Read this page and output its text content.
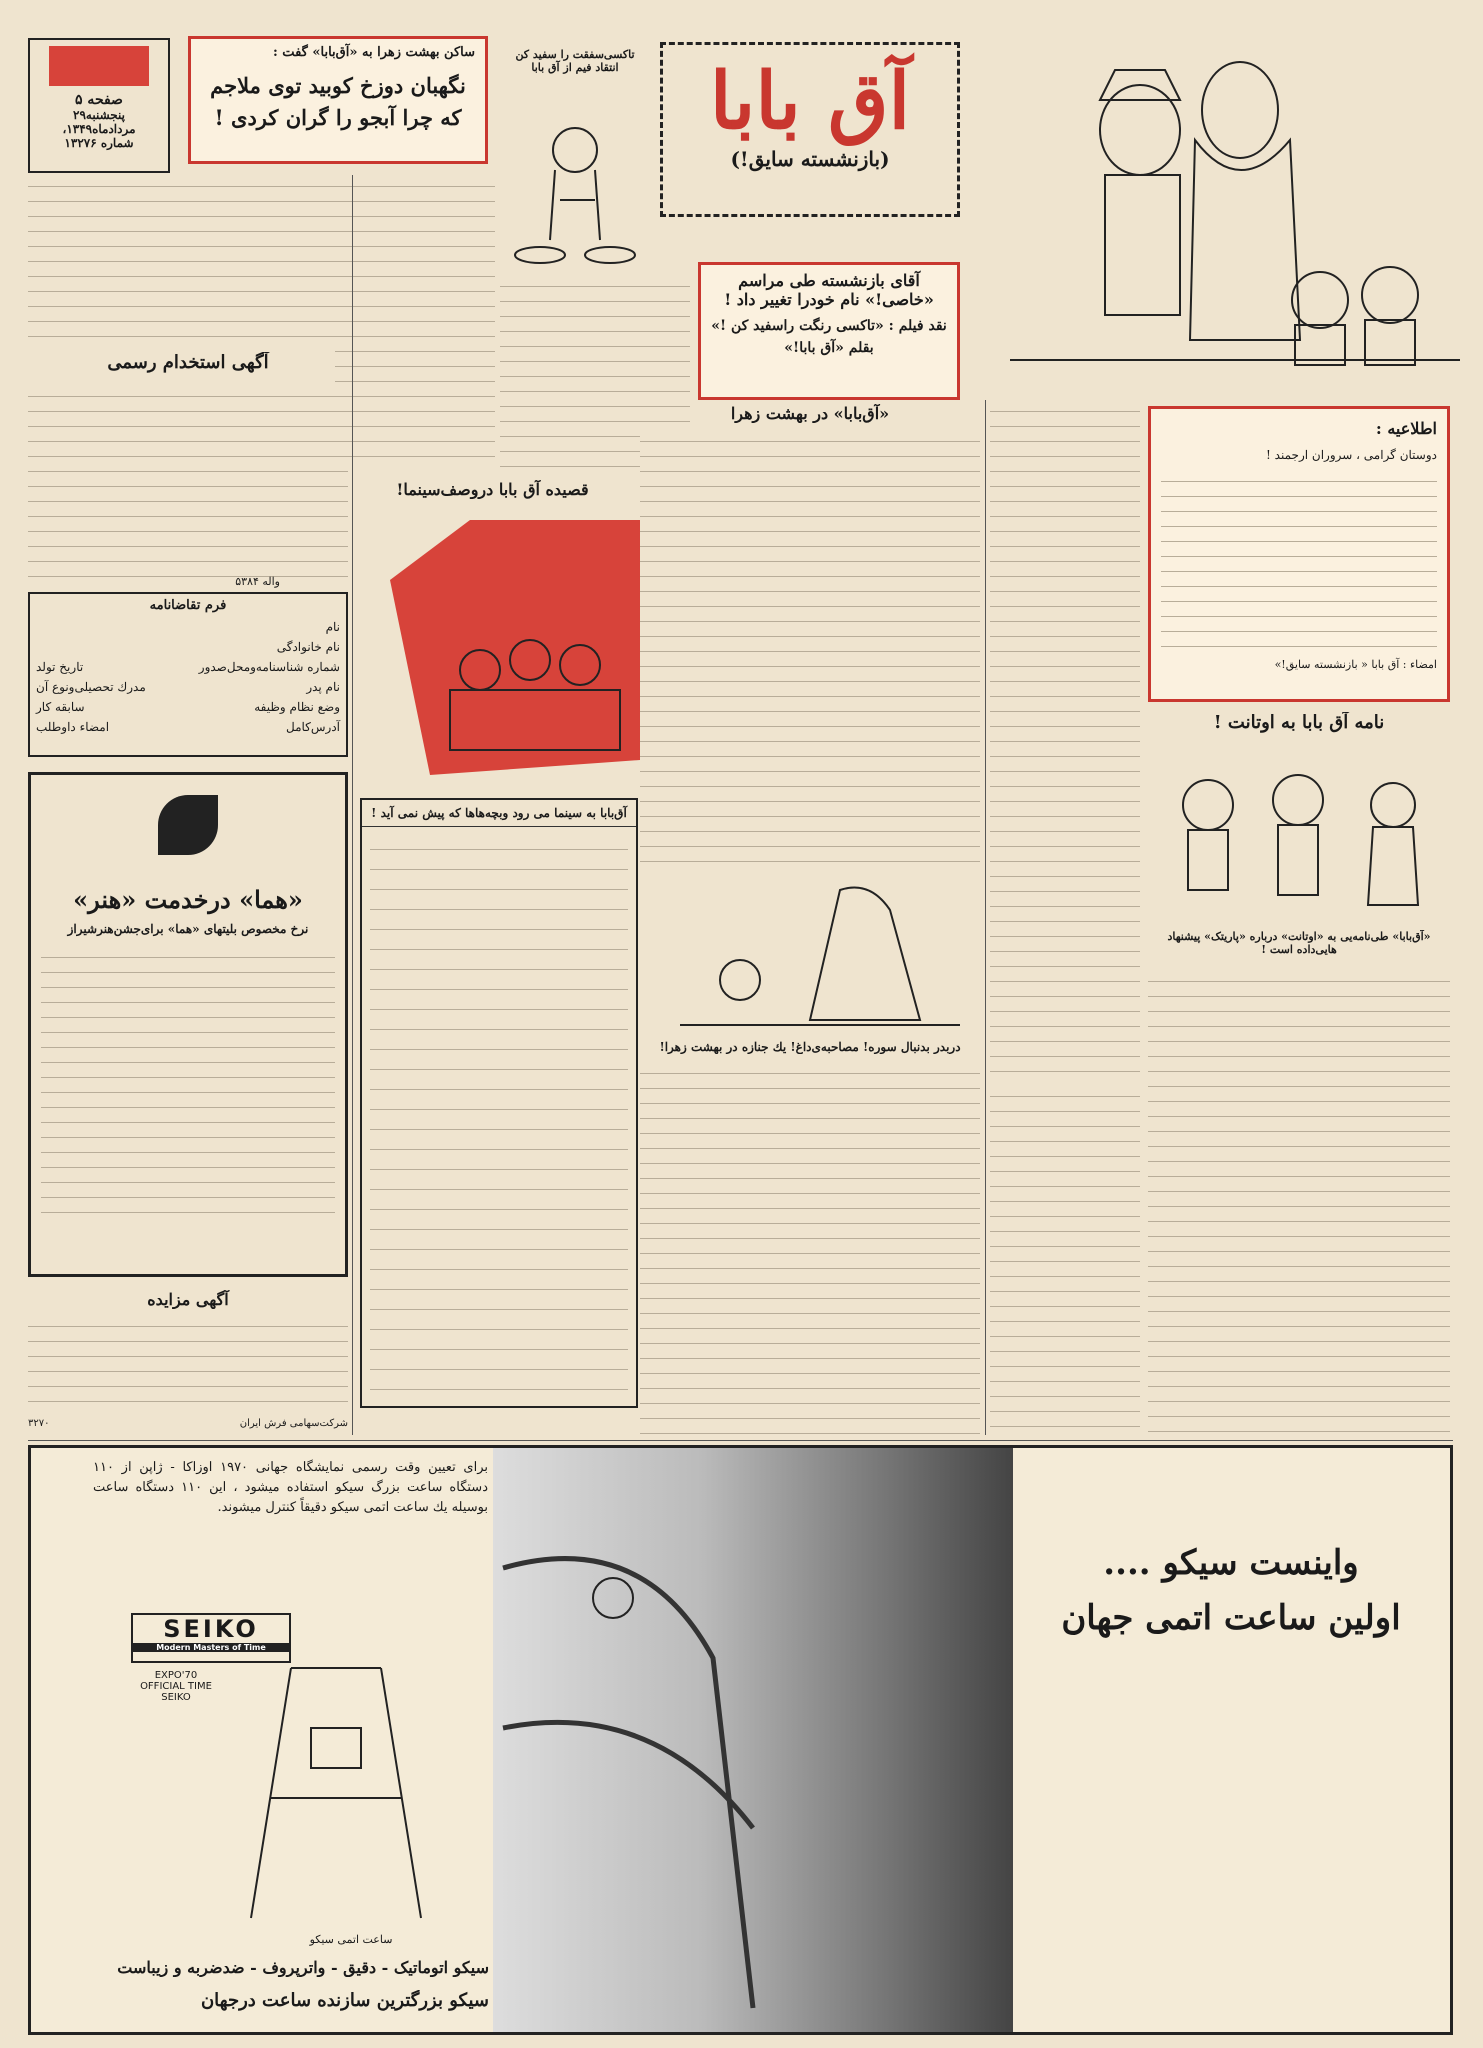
آق بابا
(بازنشسته سایق!)
صفحه ۵
پنجشنبه۲۹
مرداد‌ماه۱۳۴۹،
شماره ۱۳۲۷۶
ساکن بهشت زهرا به «آق‌بابا» گفت :
نگهبان دوزخ کوبید توی ملاجم که چرا آبجو را گران کردی !
تاکسی‌سفقت را سفید کن
انتقاد فیم از آق بابا
آقای بازنشسته طی مراسم
«خاصی!» نام خودرا تغییر داد !
نقد فیلم : «تاکسی رنگت راسفید کن !» بقلم «آق بابا!»
اطلاعیه :
دوستان گرامی ، سروران ارجمند !
امضاء : آق بابا « بازنشسته سایق!»
نامه آق بابا به اوتانت !
«آق‌بابا» طی‌نامه‌یی به «اوتانت» درباره «پاریتک» پیشنهاد هایی‌داده است !
«آق‌بابا» در بهشت زهرا
دربدر بدنبال سوره! مصاحبه‌ی‌داغ! یك جنازه در بهشت زهرا!
قصیده آق بابا دروصف‌سینما!
آق‌بابا به سینما می رود وبچه‌ها‌ها که پیش نمی آید !
آگهی استخدام رسمی
واله ۵۳۸۴
فرم تقاضانامه
نام
نام خانوادگی
شماره شناسنامه‌ومحل‌صدور
تاریخ تولد
نام پدر
مدرك تحصیلی‌ونوع آن
وضع نظام وظیفه
سابقه کار
آدرس‌کامل
امضاء داوطلب
«هما» درخدمت «هنر»
نرخ مخصوص بلیتهای «هما» برای‌جشن‌هنرشیراز
آگهی مزایده
شرکت‌سهامی فرش ایران
۳۲۷۰
برای تعیین وقت رسمی نمایشگاه جهانی ۱۹۷۰ اوزاکا - ژاپن از ۱۱۰ دستگاه ساعت بزرگ سیکو استفاده میشود ، این ۱۱۰ دستگاه ساعت بوسیله یك ساعت اتمی سیکو دقیقاً کنترل میشوند.
واینست سیکو ....
اولین ساعت اتمی جهان
SEIKO
Modern Masters of Time
EXPO'70 OFFICIAL TIME SEIKO
ساعت اتمی سیکو
سیکو اتوماتیک - دقیق - واترپروف - ضدضربه و زیباست
سیکو بزرگترین سازنده ساعت درجهان
